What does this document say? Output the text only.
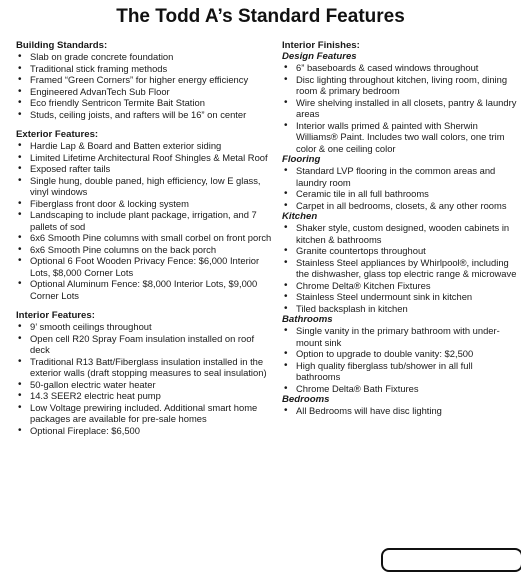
The Todd A’s Standard Features
Building Standards:
• Slab on grade concrete foundation
• Traditional stick framing methods
• Framed “Green Corners” for higher energy efficiency
• Engineered AdvanTech Sub Floor
• Eco friendly Sentricon Termite Bait Station
• Studs, ceiling joists, and rafters will be 16” on center
Exterior Features:
• Hardie Lap & Board and Batten exterior siding
• Limited Lifetime Architectural Roof Shingles & Metal Roof
• Exposed rafter tails
• Single hung, double paned, high efficiency, low E glass, vinyl windows
• Fiberglass front door & locking system
• Landscaping to include plant package, irrigation, and 7 pallets of sod
• 6x6 Smooth Pine columns with small corbel on front porch
• 6x6 Smooth Pine columns on the back porch
• Optional 6 Foot Wooden Privacy Fence: $6,000 Interior Lots, $8,000 Corner Lots
• Optional Aluminum Fence: $8,000 Interior Lots, $9,000 Corner Lots
Interior Features:
• 9’ smooth ceilings throughout
• Open cell R20 Spray Foam insulation installed on roof deck
• Traditional R13 Batt/Fiberglass insulation installed in the exterior walls (draft stopping measures to seal insulation)
• 50-gallon electric water heater
• 14.3 SEER2 electric heat pump
• Low Voltage prewiring included. Additional smart home packages are available for pre-sale homes
• Optional Fireplace: $6,500
Interior Finishes:
Design Features
• 6” baseboards & cased windows throughout
• Disc lighting throughout kitchen, living room, dining room & primary bedroom
• Wire shelving installed in all closets, pantry & laundry areas
• Interior walls primed & painted with Sherwin Williams® Paint. Includes two wall colors, one trim color & one ceiling color
Flooring
• Standard LVP flooring in the common areas and laundry room
• Ceramic tile in all full bathrooms
• Carpet in all bedrooms, closets, & any other rooms
Kitchen
• Shaker style, custom designed, wooden cabinets in kitchen & bathrooms
• Granite countertops throughout
• Stainless Steel appliances by Whirlpool®, including the dishwasher, glass top electric range & microwave
• Chrome Delta® Kitchen Fixtures
• Stainless Steel undermount sink in kitchen
• Tiled backsplash in kitchen
Bathrooms
• Single vanity in the primary bathroom with under-mount sink
• Option to upgrade to double vanity: $2,500
• High quality fiberglass tub/shower in all full bathrooms
• Chrome Delta® Bath Fixtures
Bedrooms
• All Bedrooms will have disc lighting
